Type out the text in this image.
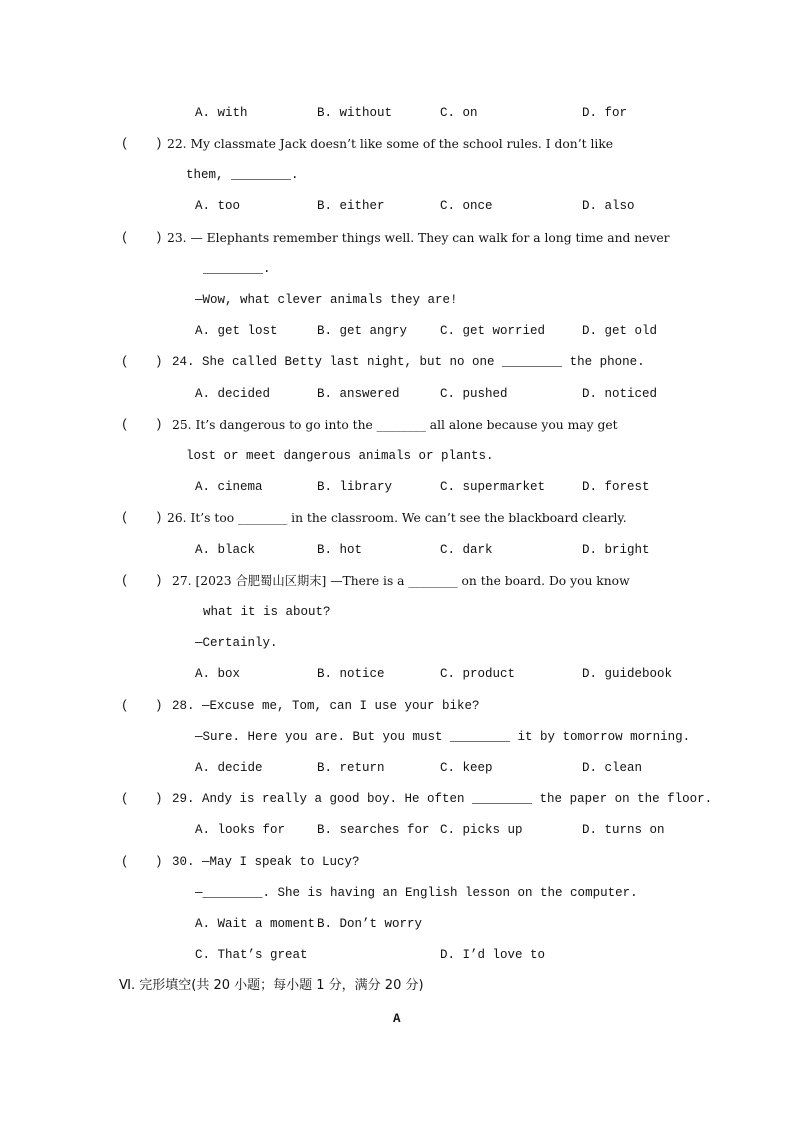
A. with	B. without	C. on	D. for
( ) 22. My classmate Jack doesn’t like some of the school rules. I don’t like
them, ________.
A. too	B. either	C. once	D. also
( ) 23. — Elephants remember things well. They can walk for a long time and never
________.
—Wow, what clever animals they are!
A. get lost	B. get angry	C. get worried	D. get old
( ) 24. She called Betty last night, but no one ________ the phone.
A. decided	B. answered	C. pushed	D. noticed
( ) 25. It’s dangerous to go into the ________ all alone because you may get
lost or meet dangerous animals or plants.
A. cinema	B. library	C. supermarket	D. forest
( ) 26. It’s too ________ in the classroom. We can’t see the blackboard clearly.
A. black	B. hot	C. dark	D. bright
( ) 27. [2023 合肥蜀山区期末] —There is a ________ on the board. Do you know
what it is about?
—Certainly.
A. box	B. notice	C. product	D. guidebook
( ) 28. —Excuse me, Tom, can I use your bike?
—Sure. Here you are. But you must ________ it by tomorrow morning.
A. decide	B. return	C. keep	D. clean
( ) 29. Andy is really a good boy. He often ________ the paper on the floor.
A. looks for	B. searches for C. picks up	D. turns on
( ) 30. —May I speak to Lucy?
—________. She is having an English lesson on the computer.
A. Wait a moment B. Don’t worry
C. That’s great	D. I’d love to
Ⅵ. 完形填空(共 20 小题；每小题 1 分，满分 20 分)
A
